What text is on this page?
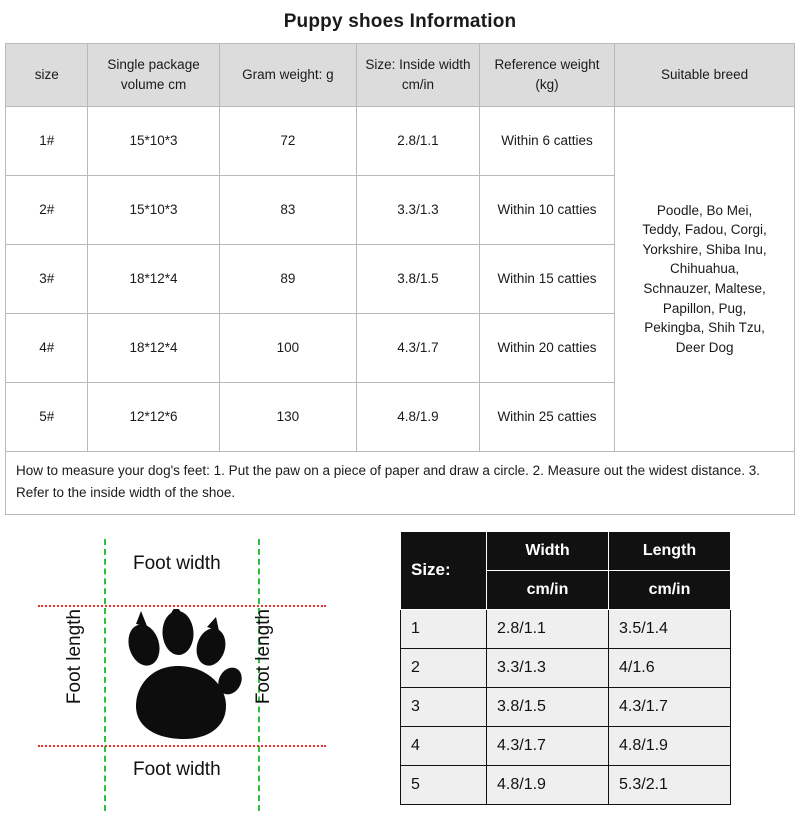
Puppy shoes Information
size	Single package volume cm	Gram weight: g	Size: Inside width cm/in	Reference weight (kg)	Suitable breed
1#	15*10*3	72	2.8/1.1	Within 6 catties	
Poodle, Bo Mei,
Teddy, Fadou, Corgi,
Yorkshire, Shiba Inu,
Chihuahua,
Schnauzer, Maltese,
Papillon, Pug,
Pekingba, Shih Tzu,
Deer Dog

2#	15*10*3	83	3.3/1.3	Within 10 catties	
3#	18*12*4	89	3.8/1.5	Within 15 catties	
4#	18*12*4	100	4.3/1.7	Within 20 catties	
5#	12*12*6	130	4.8/1.9	Within 25 catties	
How to measure your dog's feet: 1. Put the paw on a piece of paper and draw a circle. 2. Measure out the widest distance. 3. Refer to the inside width of the shoe.
Foot width
Foot width
Foot length	Foot length
Size:	Width	Length
	cm/in	cm/in
1	2.8/1.1	3.5/1.4
2	3.3/1.3	4/1.6
3	3.8/1.5	4.3/1.7
4	4.3/1.7	4.8/1.9
5	4.8/1.9	5.3/2.1
